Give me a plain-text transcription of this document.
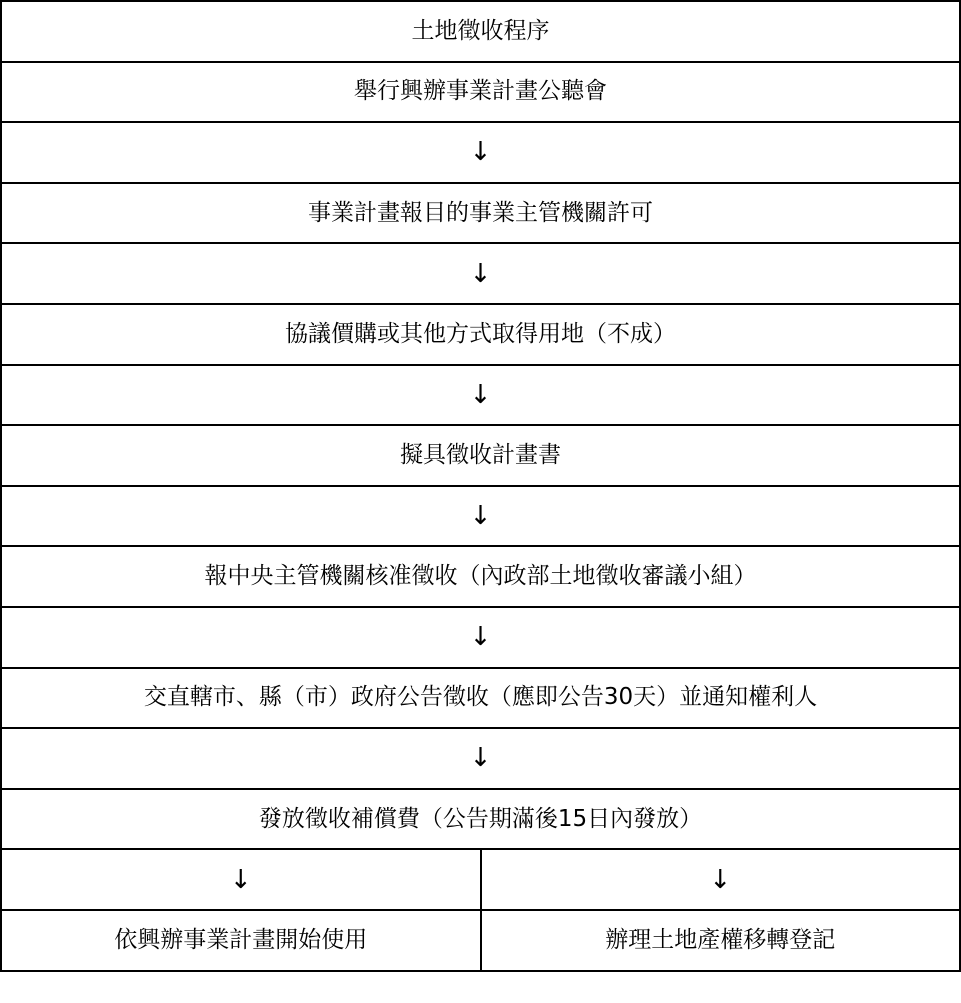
土地徵收程序	
舉行興辦事業計畫公聽會	
↓	
事業計畫報目的事業主管機關許可	
↓	
協議價購或其他方式取得用地（不成）	
↓	
擬具徵收計畫書	
↓	
報中央主管機關核准徵收（內政部土地徵收審議小組）	
↓	
交直轄市、縣（市）政府公告徵收（應即公告30天）並通知權利人	
↓	
發放徵收補償費（公告期滿後15日內發放）	
↓	↓
依興辦事業計畫開始使用	辦理土地產權移轉登記
